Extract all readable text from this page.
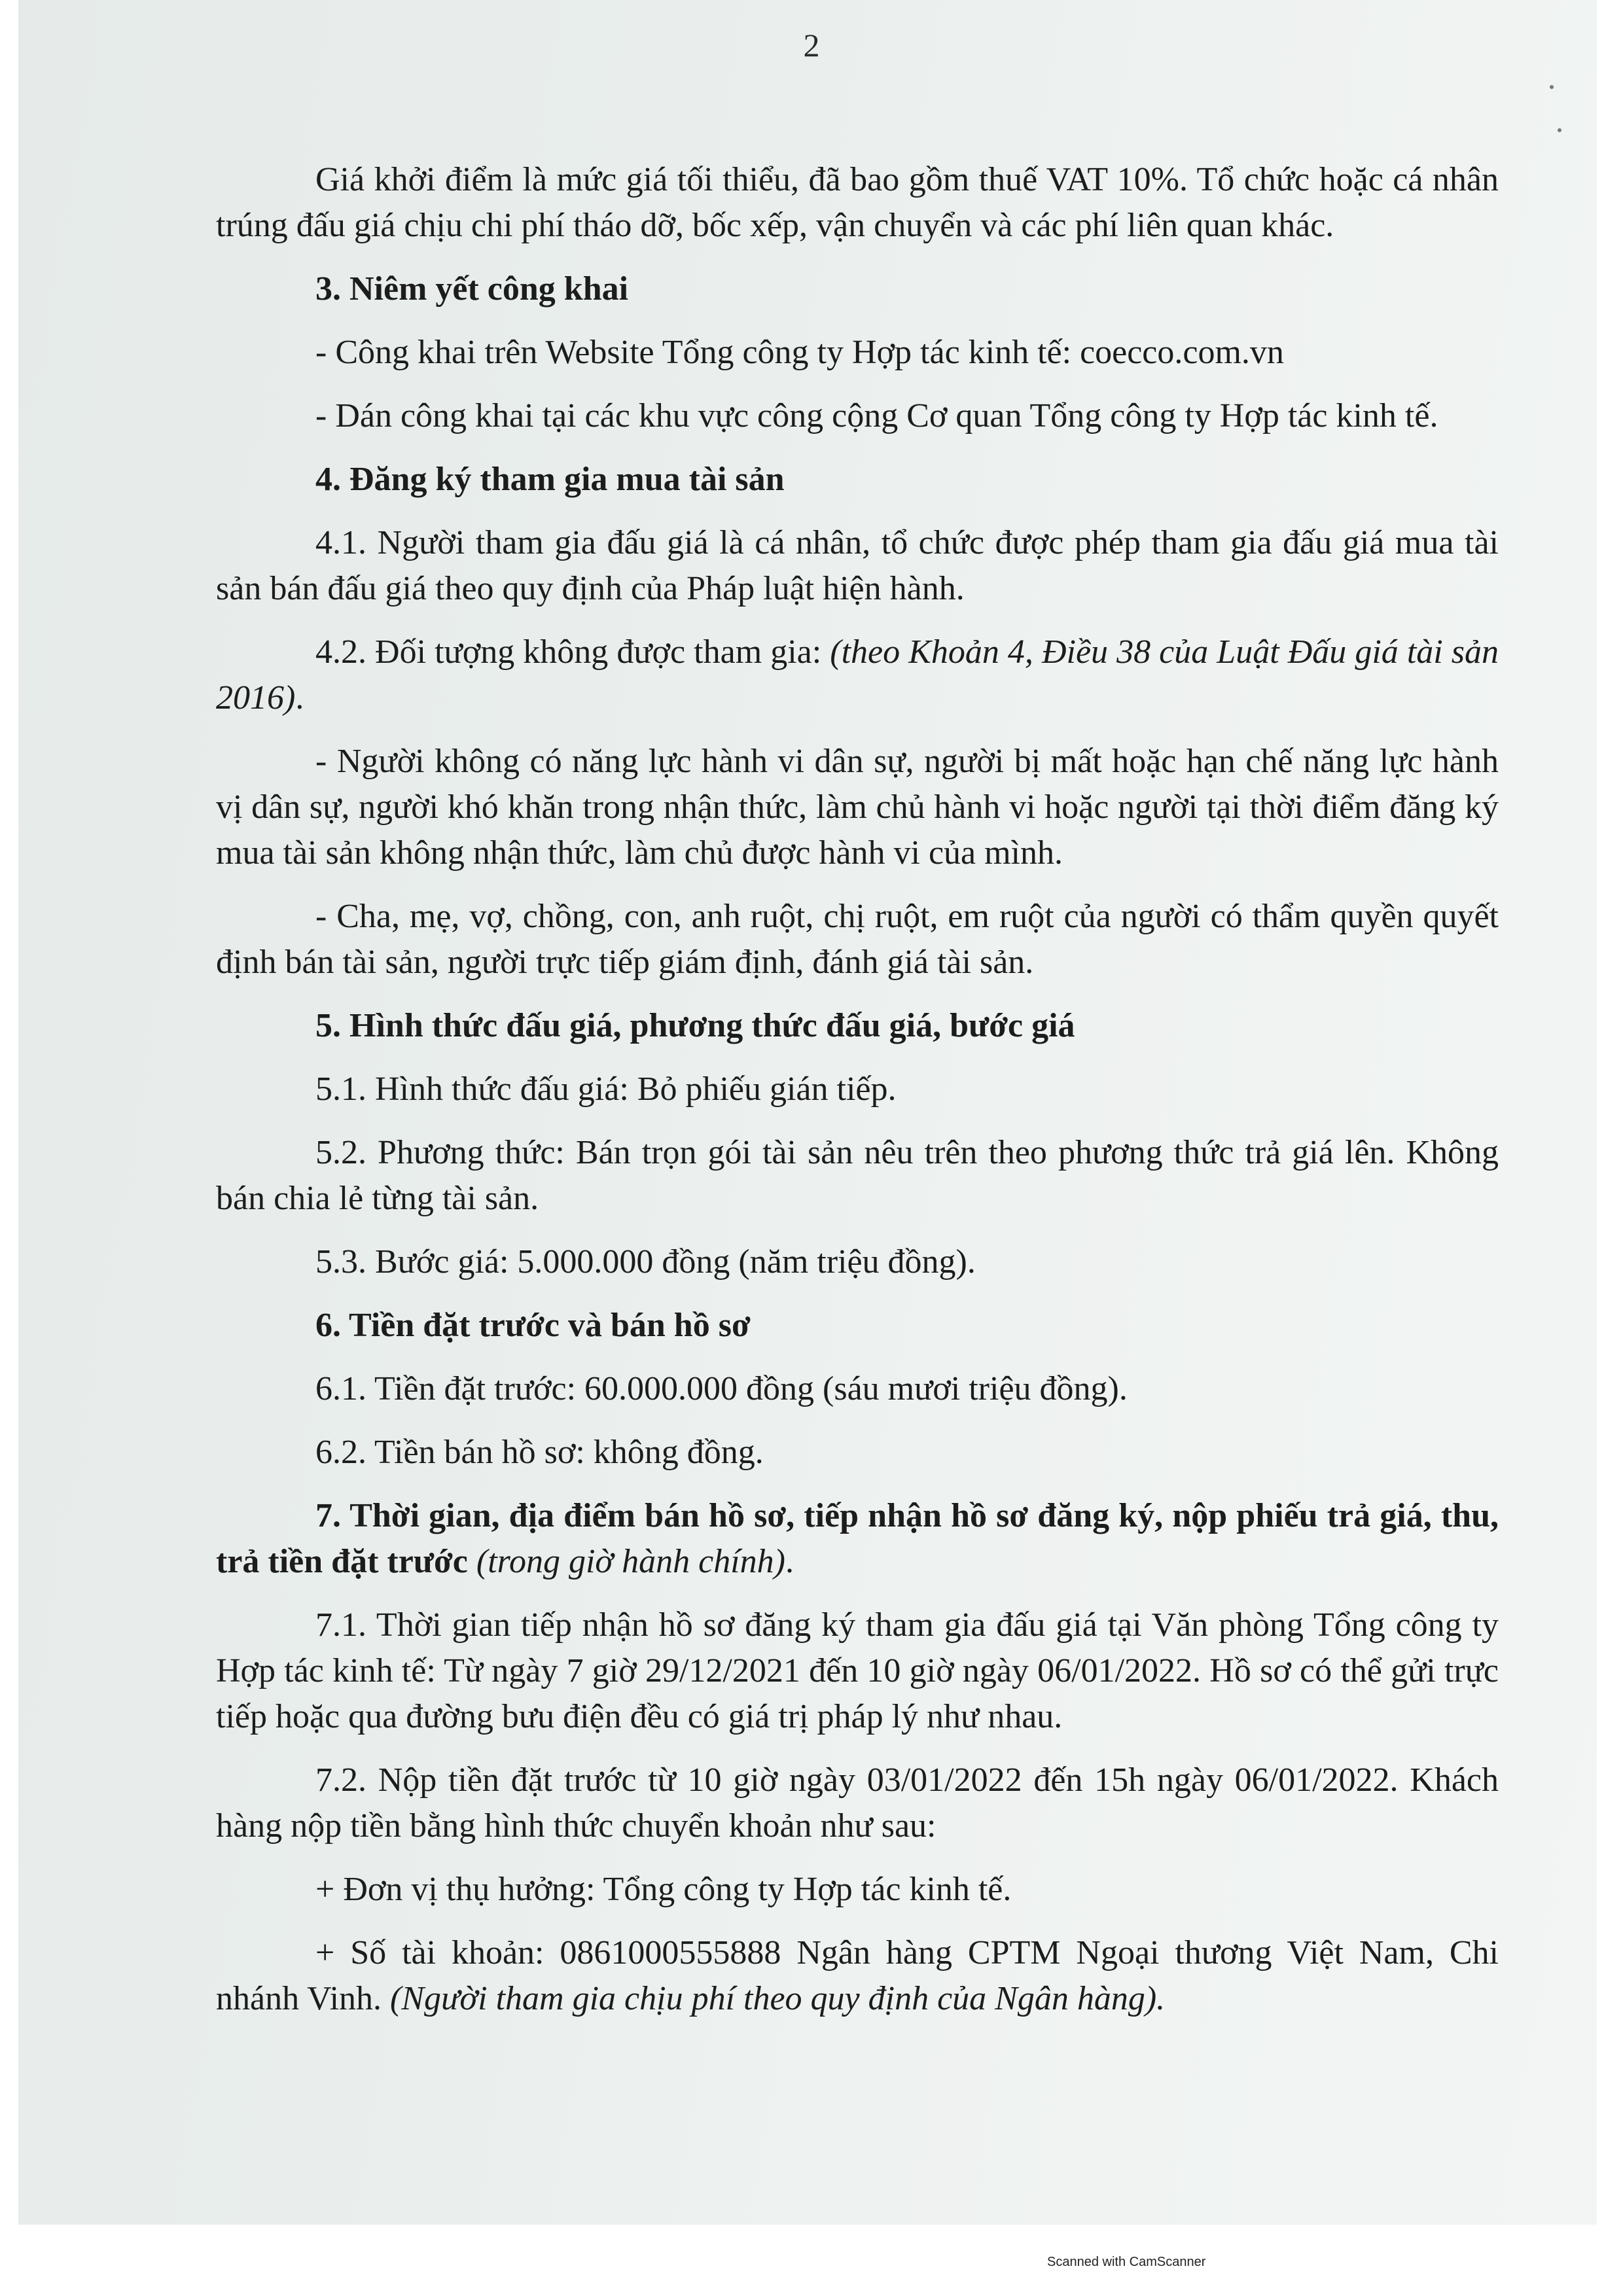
2

Giá khởi điểm là mức giá tối thiểu, đã bao gồm thuế VAT 10%. Tổ chức hoặc cá nhân trúng đấu giá chịu chi phí tháo dỡ, bốc xếp, vận chuyển và các phí liên quan khác.

3. Niêm yết công khai

- Công khai trên Website Tổng công ty Hợp tác kinh tế: coecco.com.vn

- Dán công khai tại các khu vực công cộng Cơ quan Tổng công ty Hợp tác kinh tế.

4. Đăng ký tham gia mua tài sản

4.1. Người tham gia đấu giá là cá nhân, tổ chức được phép tham gia đấu giá mua tài sản bán đấu giá theo quy định của Pháp luật hiện hành.

4.2. Đối tượng không được tham gia: (theo Khoản 4, Điều 38 của Luật Đấu giá tài sản 2016).

- Người không có năng lực hành vi dân sự, người bị mất hoặc hạn chế năng lực hành vị dân sự, người khó khăn trong nhận thức, làm chủ hành vi hoặc người tại thời điểm đăng ký mua tài sản không nhận thức, làm chủ được hành vi của mình.

- Cha, mẹ, vợ, chồng, con, anh ruột, chị ruột, em ruột của người có thẩm quyền quyết định bán tài sản, người trực tiếp giám định, đánh giá tài sản.

5. Hình thức đấu giá, phương thức đấu giá, bước giá

5.1. Hình thức đấu giá: Bỏ phiếu gián tiếp.

5.2. Phương thức: Bán trọn gói tài sản nêu trên theo phương thức trả giá lên. Không bán chia lẻ từng tài sản.

5.3. Bước giá: 5.000.000 đồng (năm triệu đồng).

6. Tiền đặt trước và bán hồ sơ

6.1. Tiền đặt trước: 60.000.000 đồng (sáu mươi triệu đồng).

6.2. Tiền bán hồ sơ: không đồng.

7. Thời gian, địa điểm bán hồ sơ, tiếp nhận hồ sơ đăng ký, nộp phiếu trả giá, thu, trả tiền đặt trước (trong giờ hành chính).

7.1. Thời gian tiếp nhận hồ sơ đăng ký tham gia đấu giá tại Văn phòng Tổng công ty Hợp tác kinh tế: Từ ngày 7 giờ 29/12/2021 đến 10 giờ ngày 06/01/2022. Hồ sơ có thể gửi trực tiếp hoặc qua đường bưu điện đều có giá trị pháp lý như nhau.

7.2. Nộp tiền đặt trước từ 10 giờ ngày 03/01/2022 đến 15h ngày 06/01/2022. Khách hàng nộp tiền bằng hình thức chuyển khoản như sau:

+ Đơn vị thụ hưởng: Tổng công ty Hợp tác kinh tế.

+ Số tài khoản: 0861000555888 Ngân hàng CPTM Ngoại thương Việt Nam, Chi nhánh Vinh. (Người tham gia chịu phí theo quy định của Ngân hàng).

Scanned with CamScanner
